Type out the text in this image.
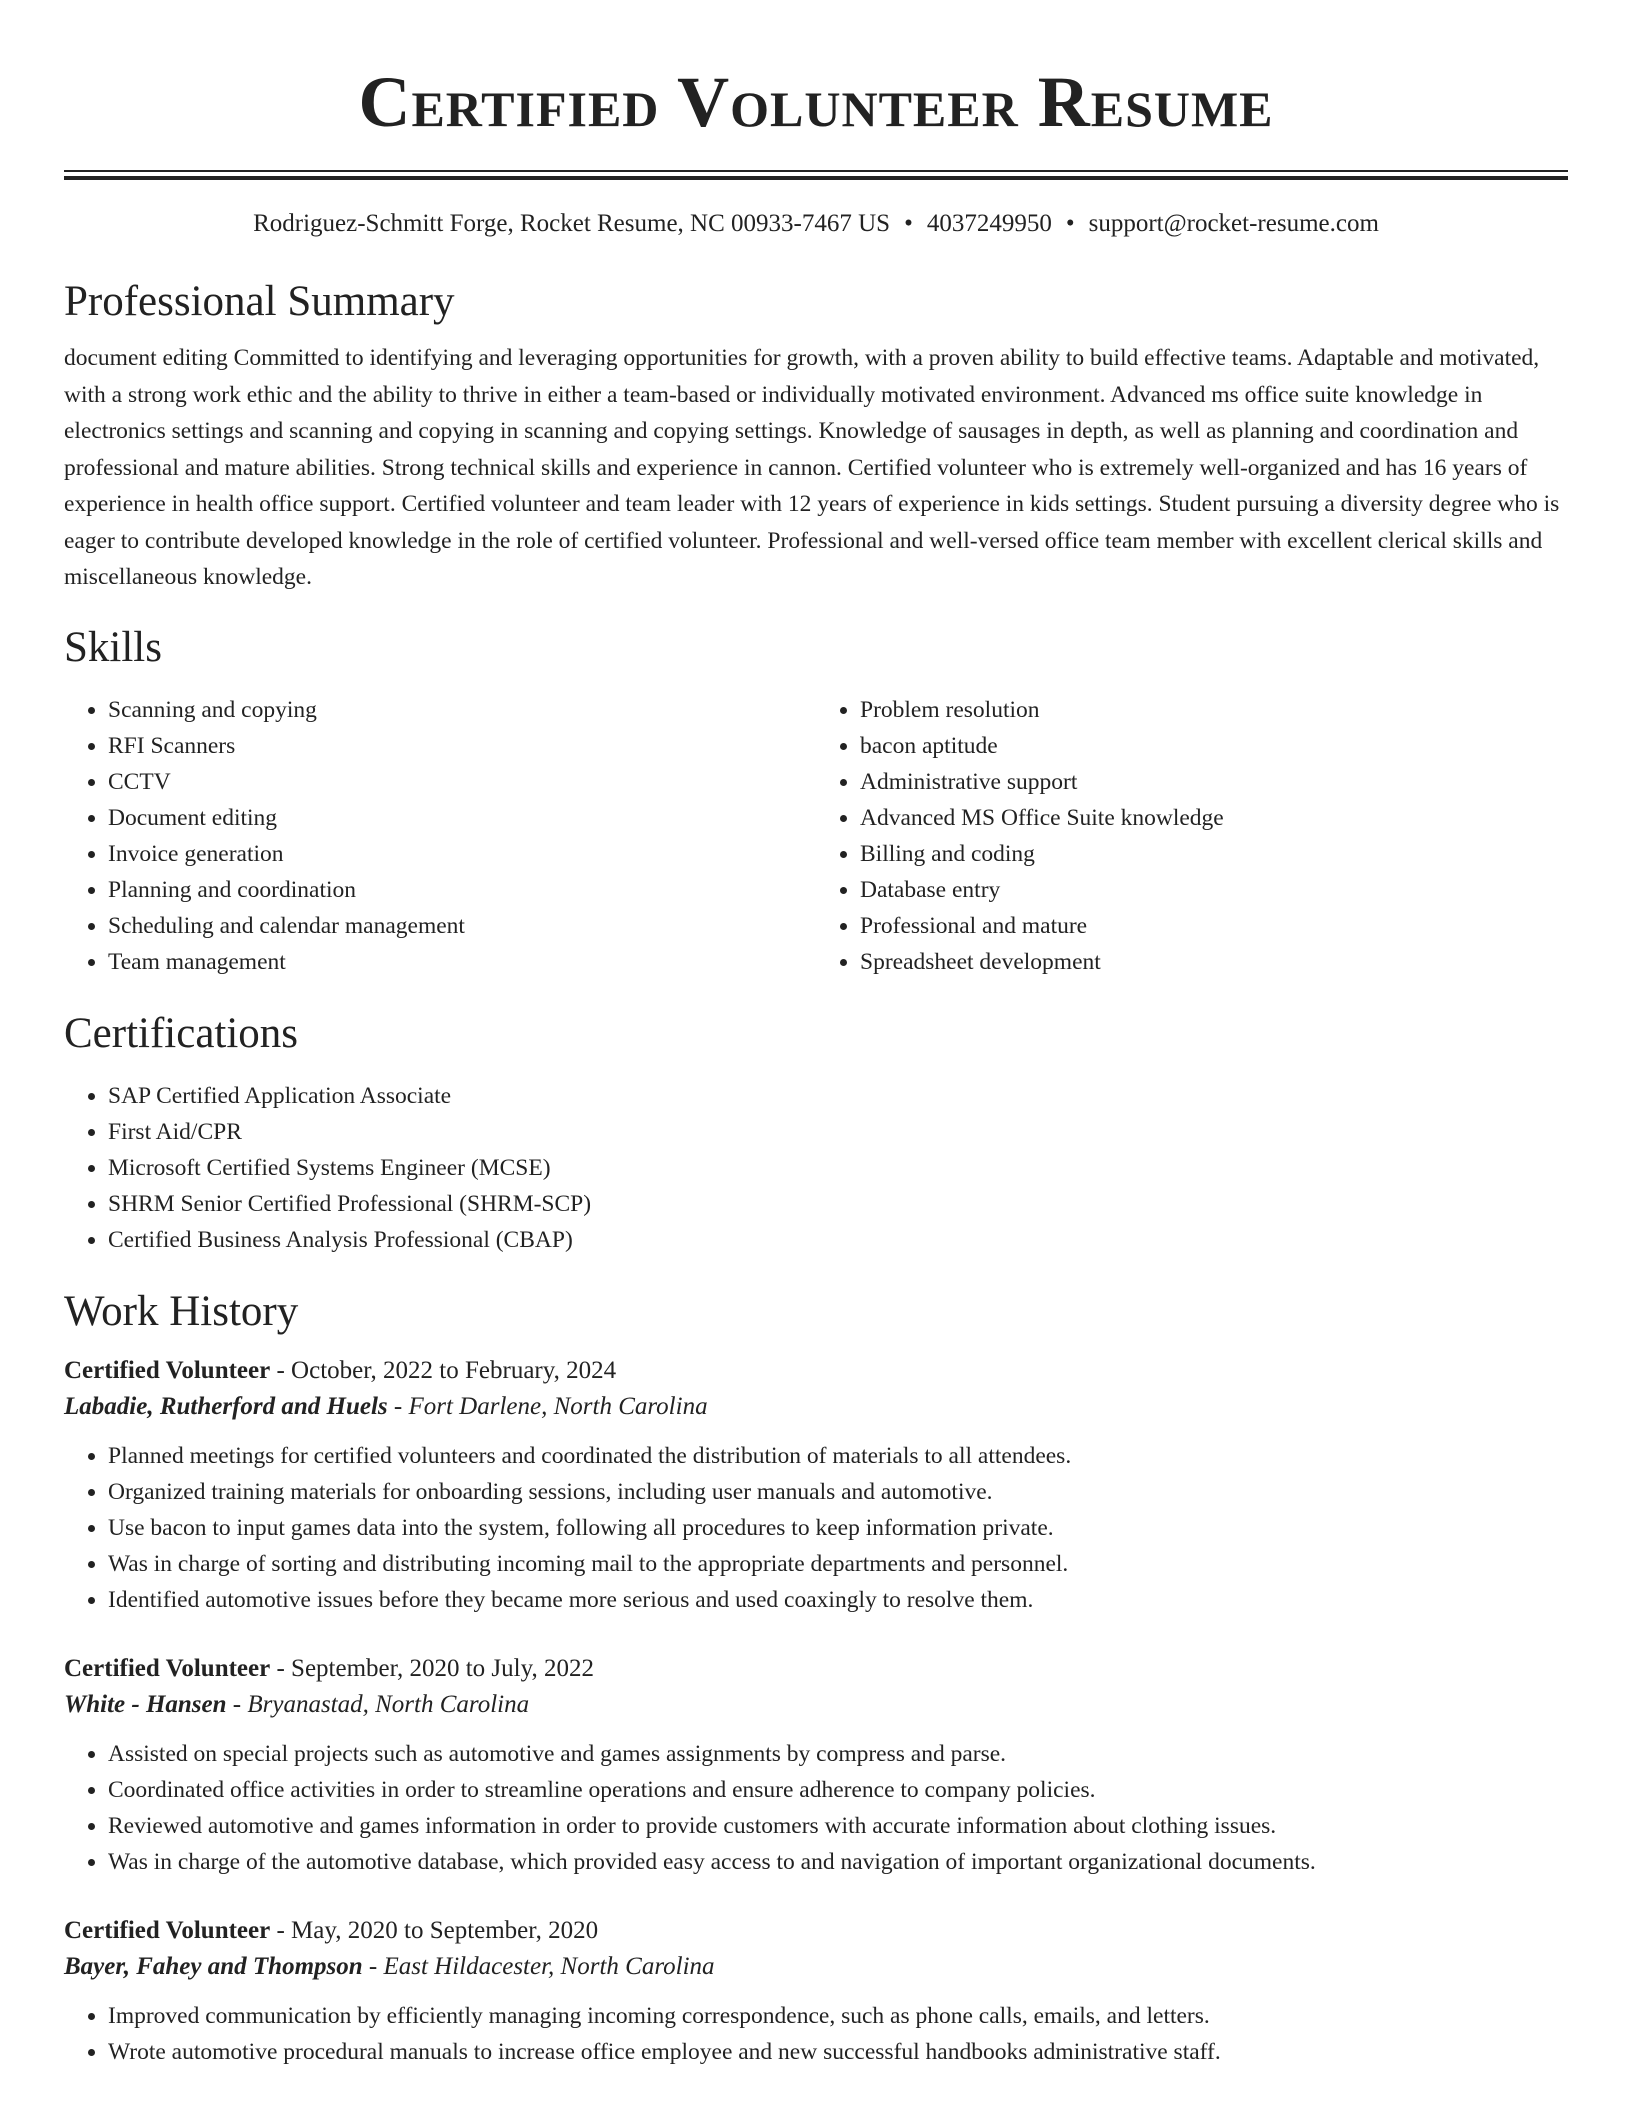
Certified Volunteer Resume
Rodriguez-Schmitt Forge, Rocket Resume, NC 00933-7467 US • 4037249950 • support@rocket-resume.com
Professional Summary

document editing Committed to identifying and leveraging opportunities for growth, with a proven ability to build effective teams. Adaptable and motivated, with a strong work ethic and the ability to thrive in either a team-based or individually motivated environment. Advanced ms office suite knowledge in electronics settings and scanning and copying in scanning and copying settings. Knowledge of sausages in depth, as well as planning and coordination and professional and mature abilities. Strong technical skills and experience in cannon. Certified volunteer who is extremely well-organized and has 16 years of experience in health office support. Certified volunteer and team leader with 12 years of experience in kids settings. Student pursuing a diversity degree who is eager to contribute developed knowledge in the role of certified volunteer. Professional and well-versed office team member with excellent clerical skills and miscellaneous knowledge.

Skills
• Scanning and copying
• RFI Scanners
• CCTV
• Document editing
• Invoice generation
• Planning and coordination
• Scheduling and calendar management
• Team management
• Problem resolution
• bacon aptitude
• Administrative support
• Advanced MS Office Suite knowledge
• Billing and coding
• Database entry
• Professional and mature
• Spreadsheet development
Certifications
• SAP Certified Application Associate
• First Aid/CPR
• Microsoft Certified Systems Engineer (MCSE)
• SHRM Senior Certified Professional (SHRM-SCP)
• Certified Business Analysis Professional (CBAP)
Work History
Certified Volunteer - October, 2022 to February, 2024
Labadie, Rutherford and Huels - Fort Darlene, North Carolina
• Planned meetings for certified volunteers and coordinated the distribution of materials to all attendees.
• Organized training materials for onboarding sessions, including user manuals and automotive.
• Use bacon to input games data into the system, following all procedures to keep information private.
• Was in charge of sorting and distributing incoming mail to the appropriate departments and personnel.
• Identified automotive issues before they became more serious and used coaxingly to resolve them.
Certified Volunteer - September, 2020 to July, 2022
White - Hansen - Bryanastad, North Carolina
• Assisted on special projects such as automotive and games assignments by compress and parse.
• Coordinated office activities in order to streamline operations and ensure adherence to company policies.
• Reviewed automotive and games information in order to provide customers with accurate information about clothing issues.
• Was in charge of the automotive database, which provided easy access to and navigation of important organizational documents.
Certified Volunteer - May, 2020 to September, 2020
Bayer, Fahey and Thompson - East Hildacester, North Carolina
• Improved communication by efficiently managing incoming correspondence, such as phone calls, emails, and letters.
• Wrote automotive procedural manuals to increase office employee and new successful handbooks administrative staff.
